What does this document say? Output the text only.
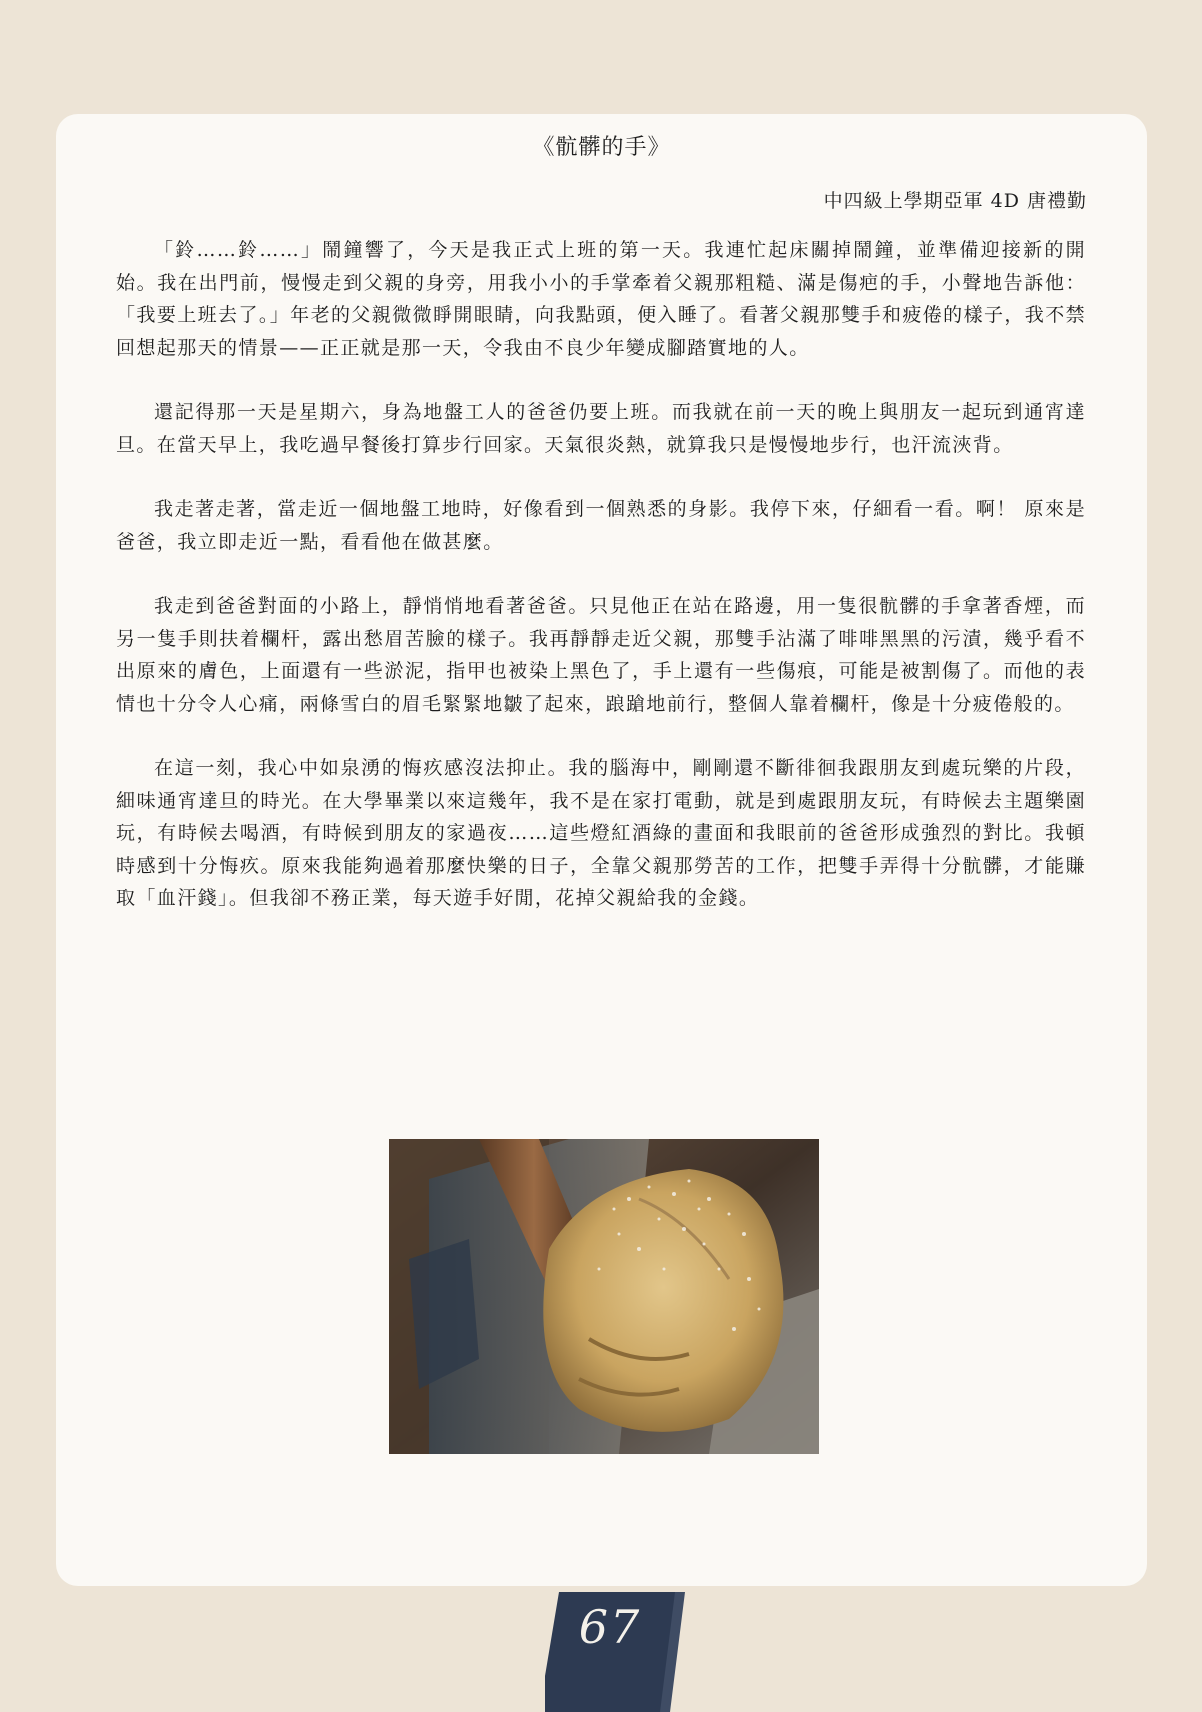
《骯髒的手》
中四級上學期亞軍 4D 唐禮勤

「鈴……鈴……」鬧鐘響了，今天是我正式上班的第一天。我連忙起床關掉鬧鐘，並準備迎接新的開始。我在出門前，慢慢走到父親的身旁，用我小小的手掌牽着父親那粗糙、滿是傷疤的手，小聲地告訴他：「我要上班去了。」年老的父親微微睜開眼睛，向我點頭，便入睡了。看著父親那雙手和疲倦的樣子，我不禁回想起那天的情景——正正就是那一天，令我由不良少年變成腳踏實地的人。

還記得那一天是星期六，身為地盤工人的爸爸仍要上班。而我就在前一天的晚上與朋友一起玩到通宵達旦。在當天早上，我吃過早餐後打算步行回家。天氣很炎熱，就算我只是慢慢地步行，也汗流浹背。

我走著走著，當走近一個地盤工地時，好像看到一個熟悉的身影。我停下來，仔細看一看。啊！ 原來是爸爸，我立即走近一點，看看他在做甚麼。

我走到爸爸對面的小路上，靜悄悄地看著爸爸。只見他正在站在路邊，用一隻很骯髒的手拿著香煙，而另一隻手則扶着欄杆，露出愁眉苦臉的樣子。我再靜靜走近父親，那雙手沾滿了啡啡黑黑的污漬，幾乎看不出原來的膚色，上面還有一些淤泥，指甲也被染上黑色了，手上還有一些傷痕，可能是被割傷了。而他的表情也十分令人心痛，兩條雪白的眉毛緊緊地皺了起來，踉蹌地前行，整個人靠着欄杆，像是十分疲倦般的。

在這一刻，我心中如泉湧的悔疚感沒法抑止。我的腦海中，剛剛還不斷徘徊我跟朋友到處玩樂的片段，細味通宵達旦的時光。在大學畢業以來這幾年，我不是在家打電動，就是到處跟朋友玩，有時候去主題樂園玩，有時候去喝酒，有時候到朋友的家過夜……這些燈紅酒綠的畫面和我眼前的爸爸形成強烈的對比。我頓時感到十分悔疚。原來我能夠過着那麼快樂的日子，全靠父親那勞苦的工作，把雙手弄得十分骯髒，才能賺取「血汗錢」。但我卻不務正業，每天遊手好閒，花掉父親給我的金錢。

67
